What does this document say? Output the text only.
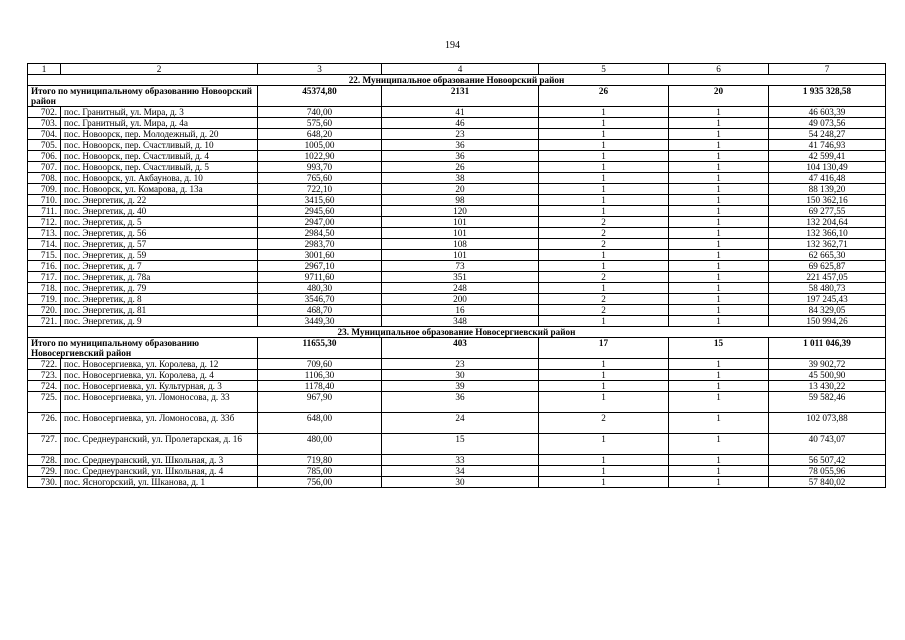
194
1	2	3	4	5	6	7
22. Муниципальное образование Новоорский район						
Итого по муниципальному образованию Новоорский район		45374,80	2131	26	20	1 935 328,58
702.	пос. Гранитный, ул. Мира, д. 3	740,00	41	1	1	46 603,39
703.	пос. Гранитный, ул. Мира, д. 4а	575,60	46	1	1	49 073,56
704.	пос. Новоорск, пер. Молодежный, д. 20	648,20	23	1	1	54 248,27
705.	пос. Новоорск, пер. Счастливый, д. 10	1005,00	36	1	1	41 746,93
706.	пос. Новоорск, пер. Счастливый, д. 4	1022,90	36	1	1	42 599,41
707.	пос. Новоорск, пер. Счастливый, д. 5	993,70	26	1	1	104 130,49
708.	пос. Новоорск, ул. Акбаунова, д. 10	765,60	38	1	1	47 416,48
709.	пос. Новоорск, ул. Комарова, д. 13а	722,10	20	1	1	88 139,20
710.	пос. Энергетик, д. 22	3415,60	98	1	1	150 362,16
711.	пос. Энергетик, д. 40	2945,60	120	1	1	69 277,55
712.	пос. Энергетик, д. 5	2947,00	101	2	1	132 204,64
713.	пос. Энергетик, д. 56	2984,50	101	2	1	132 366,10
714.	пос. Энергетик, д. 57	2983,70	108	2	1	132 362,71
715.	пос. Энергетик, д. 59	3001,60	101	1	1	62 665,30
716.	пос. Энергетик, д. 7	2967,10	73	1	1	69 625,87
717.	пос. Энергетик, д. 78а	9711,60	351	2	1	221 457,05
718.	пос. Энергетик, д. 79	480,30	248	1	1	58 480,73
719.	пос. Энергетик, д. 8	3546,70	200	2	1	197 245,43
720.	пос. Энергетик, д. 81	468,70	16	2	1	84 329,05
721.	пос. Энергетик, д. 9	3449,30	348	1	1	150 994,26
23. Муниципальное образование Новосергиевский район						
Итого по муниципальному образованию Новосергиевский район		11655,30	403	17	15	1 011 046,39
722.	пос. Новосергиевка, ул. Королева, д. 12	709,60	23	1	1	39 902,72
723.	пос. Новосергиевка, ул. Королева, д. 4	1106,30	30	1	1	45 500,90
724.	пос. Новосергиевка, ул. Культурная, д. 3	1178,40	39	1	1	13 430,22
725.	пос. Новосергиевка, ул. Ломоносова, д. 33	967,90	36	1	1	59 582,46
726.	пос. Новосергиевка, ул. Ломоносова, д. 33б	648,00	24	2	1	102 073,88
727.	пос. Среднеуранский, ул. Пролетарская, д. 16	480,00	15	1	1	40 743,07
728.	пос. Среднеуранский, ул. Школьная, д. 3	719,80	33	1	1	56 507,42
729.	пос. Среднеуранский, ул. Школьная, д. 4	785,00	34	1	1	78 055,96
730.	пос. Ясногорский, ул. Шканова, д. 1	756,00	30	1	1	57 840,02
